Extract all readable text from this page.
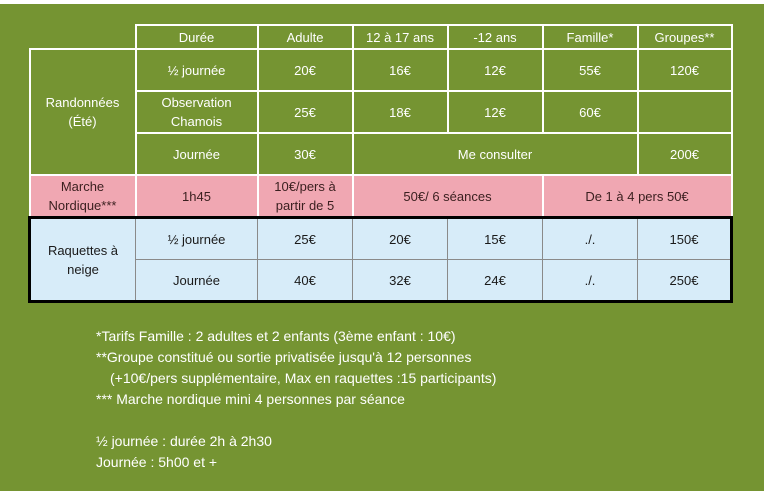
	Durée	Adulte	12 à 17 ans	-12 ans	Famille*	Groupes**	
Randonnées (Été)	½ journée	20€	16€	12€	55€	120€	
	Observation Chamois	25€	18€	12€	60€		
	Journée	30€	Me consulter			200€	
Marche Nordique***	1h45	10€/pers à partir de 5	50€/ 6 séances		De 1 à 4 pers 50€		
Raquettes à neige	½ journée	25€	20€	15€	./.	150€	
	Journée	40€	32€	24€	./.	250€	
*Tarifs Famille : 2 adultes et 2 enfants (3ème enfant : 10€)
**Groupe constitué ou sortie privatisée jusqu'à 12 personnes
(+10€/pers supplémentaire, Max en raquettes :15 participants)
*** Marche nordique mini 4 personnes par séance
½ journée : durée 2h à 2h30
Journée : 5h00 et +
